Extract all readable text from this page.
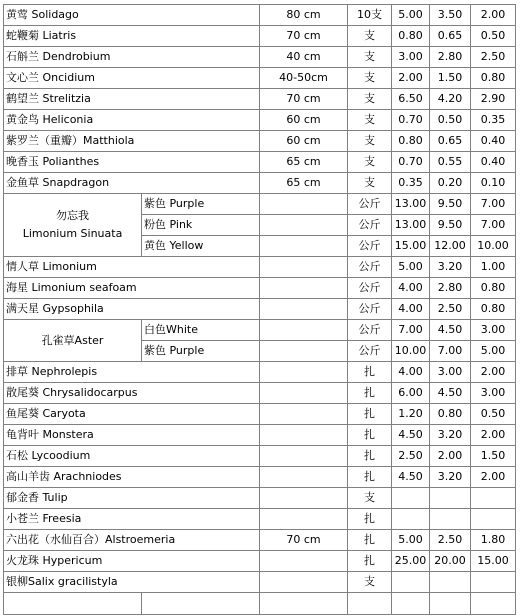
黄莺 Solidago		80 cm	10支	5.00	3.50	2.00
蛇鞭菊 Liatris		70 cm	支	0.80	0.65	0.50
石斛兰 Dendrobium		40 cm	支	3.00	2.80	2.50
文心兰 Oncidium		40-50cm	支	2.00	1.50	0.80
鹤望兰 Strelitzia		70 cm	支	6.50	4.20	2.90
黄金鸟 Heliconia		60 cm	支	0.70	0.50	0.35
紫罗兰（重瓣）Matthiola		60 cm	支	0.80	0.65	0.40
晚香玉 Polianthes		65 cm	支	0.70	0.55	0.40
金鱼草 Snapdragon		65 cm	支	0.35	0.20	0.10

勿忘我
Limonium Sinuata	紫色 Purple		公斤	13.00	9.50	7.00
	粉色 Pink		公斤	13.00	9.50	7.00
	黄色 Yellow		公斤	15.00	12.00	10.00
情人草 Limonium			公斤	5.00	3.20	1.00
海星 Limonium seafoam			公斤	4.00	2.80	0.80
满天星 Gypsophila			公斤	4.00	2.50	0.80

孔雀草Aster	白色White		公斤	7.00	4.50	3.00
	紫色 Purple		公斤	10.00	7.00	5.00
排草 Nephrolepis			扎	4.00	3.00	2.00
散尾葵 Chrysalidocarpus			扎	6.00	4.50	3.00
鱼尾葵 Caryota			扎	1.20	0.80	0.50
龟背叶 Monstera			扎	4.50	3.20	2.00
石松 Lycoodium			扎	2.50	2.00	1.50
高山羊齿 Arachniodes			扎	4.50	3.20	2.00
郁金香 Tulip			支			
小苍兰 Freesia			扎			
六出花（水仙百合）Alstroemeria		70 cm	扎	5.00	2.50	1.80
火龙珠 Hypericum			扎	25.00	20.00	15.00
银柳Salix gracilistyla			支			
